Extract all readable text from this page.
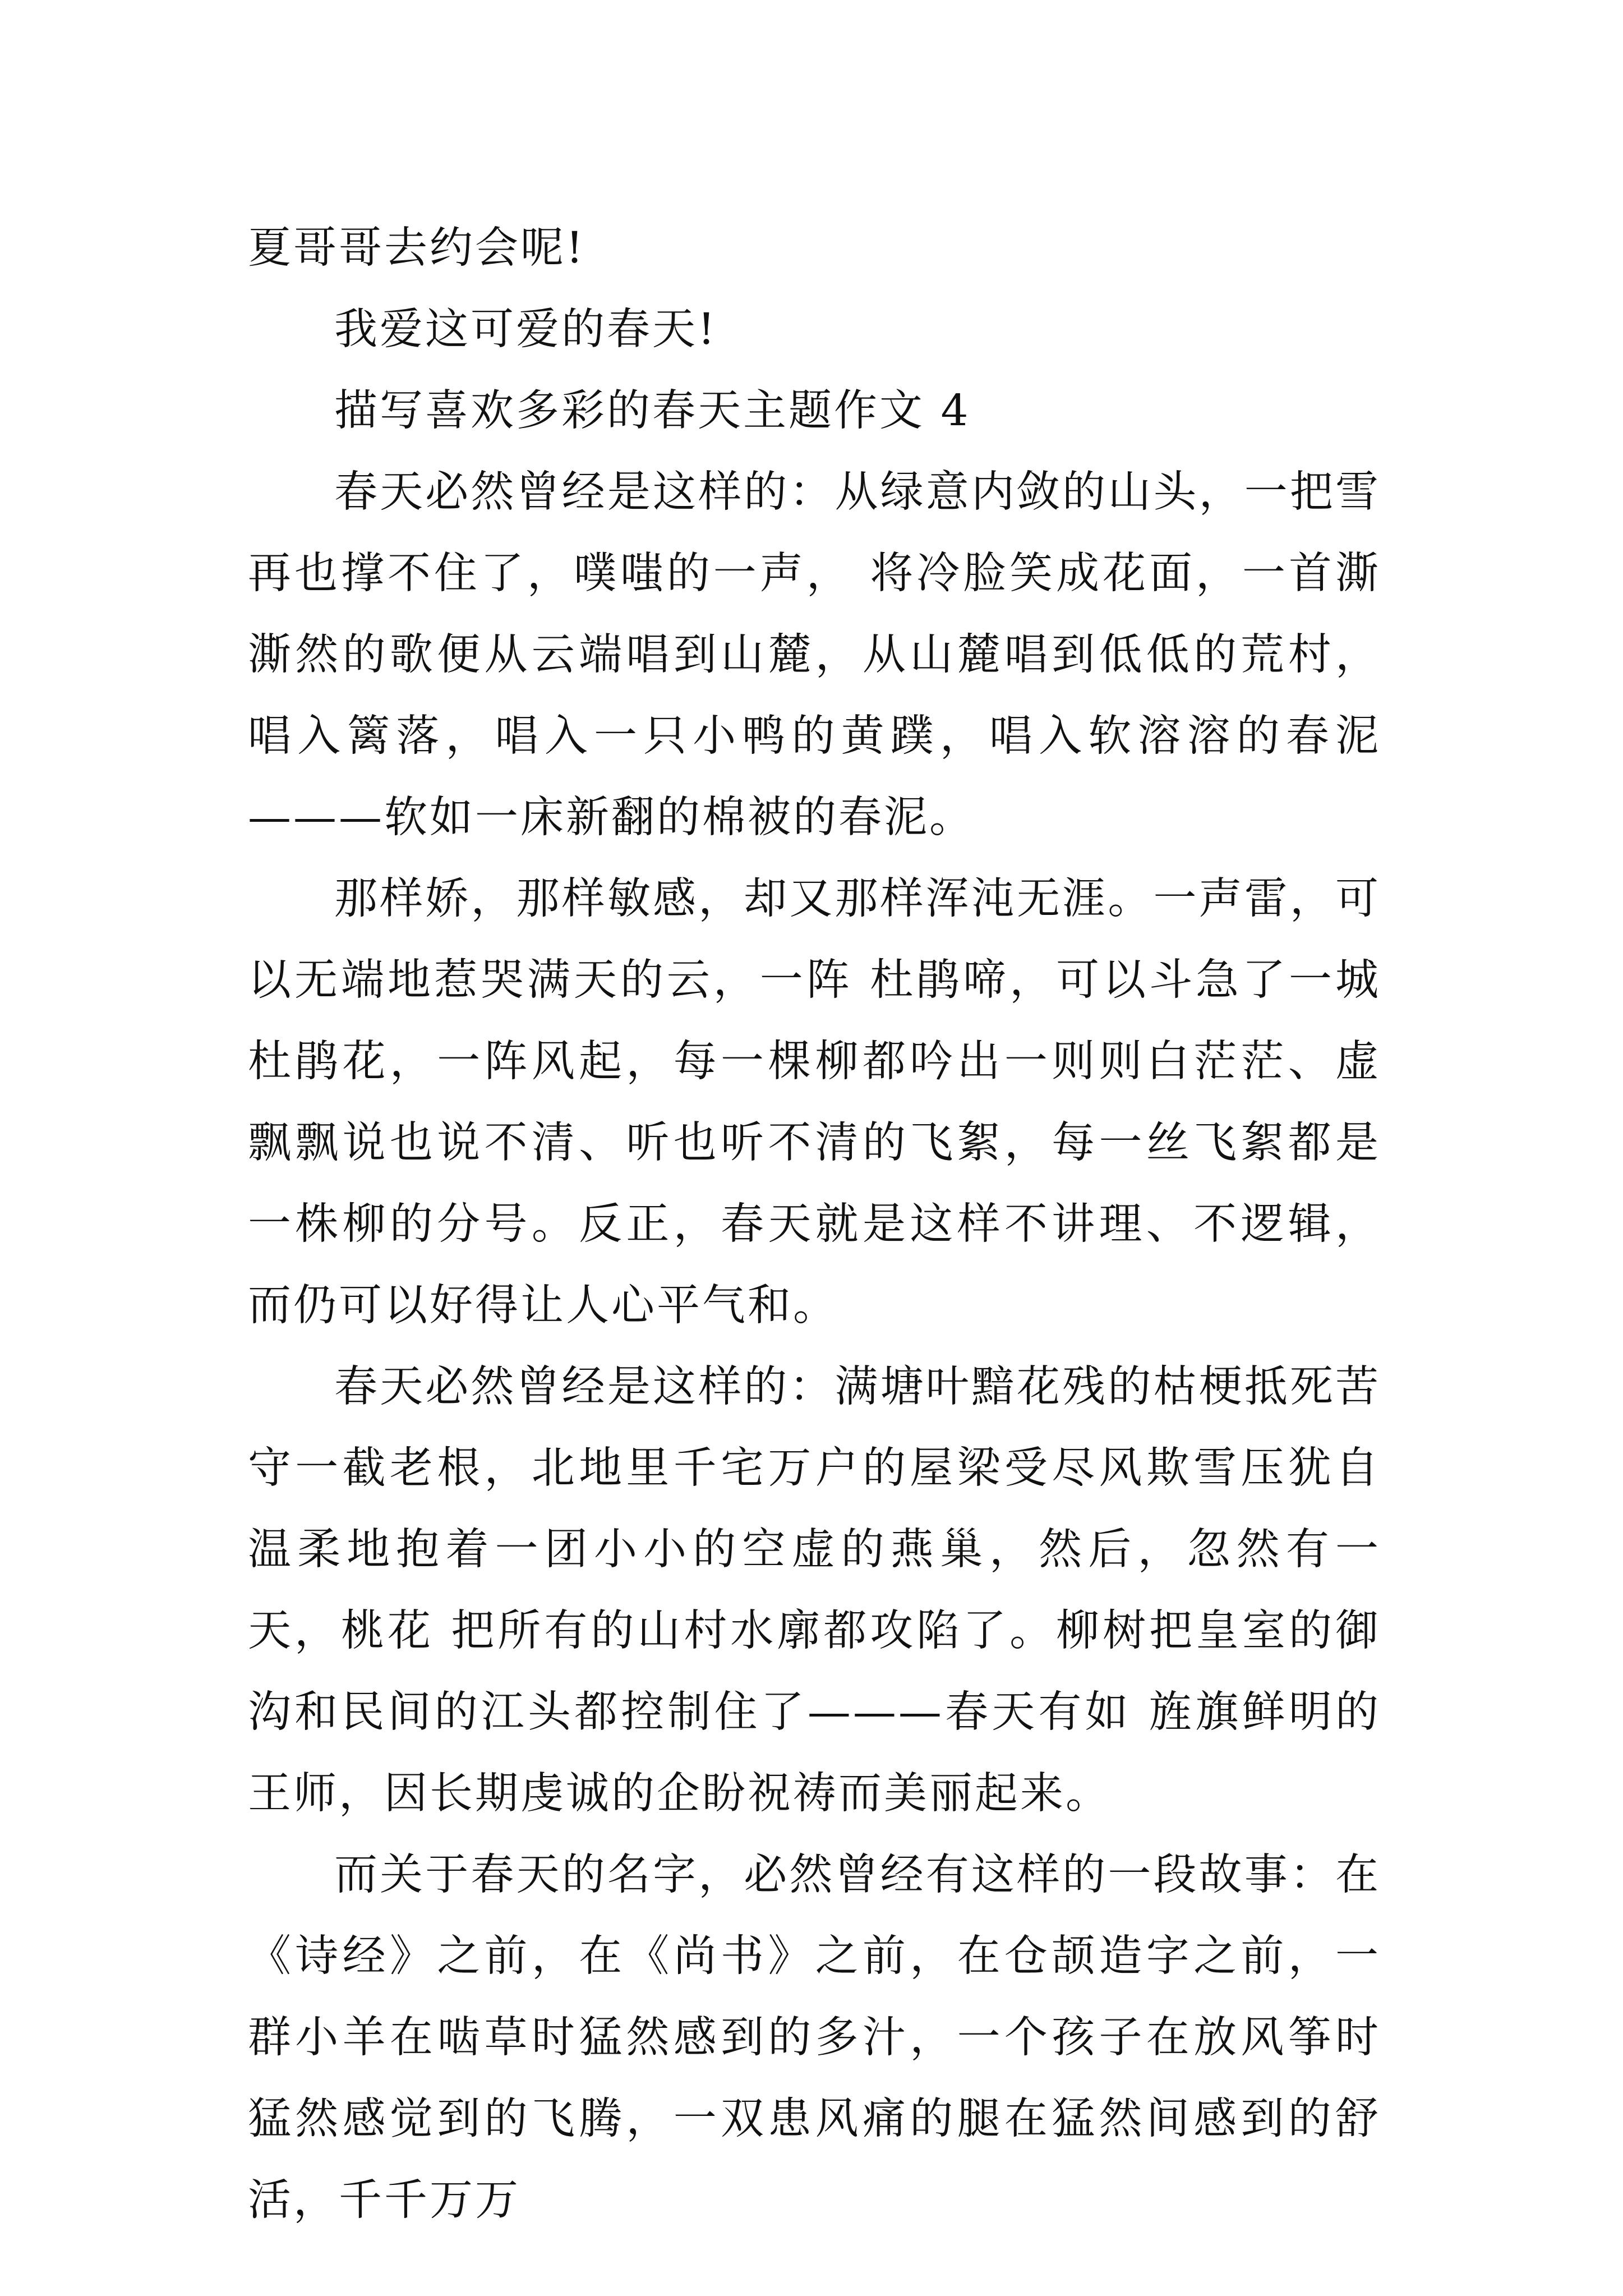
夏哥哥去约会呢!

我爱这可爱的春天!

描写喜欢多彩的春天主题作文 4

春天必然曾经是这样的：从绿意内敛的山头，一把雪再也撑不住了，噗嗤的一声， 将冷脸笑成花面，一首澌澌然的歌便从云端唱到山麓，从山麓唱到低低的荒村，唱入篱落，唱入一只小鸭的黄蹼，唱入软溶溶的春泥———软如一床新翻的棉被的春泥。

那样娇，那样敏感，却又那样浑沌无涯。一声雷，可以无端地惹哭满天的云，一阵 杜鹃啼，可以斗急了一城杜鹃花，一阵风起，每一棵柳都吟出一则则白茫茫、虚飘飘说也说不清、听也听不清的飞絮，每一丝飞絮都是一株柳的分号。反正，春天就是这样不讲理、不逻辑，而仍可以好得让人心平气和。

春天必然曾经是这样的：满塘叶黯花残的枯梗抵死苦守一截老根，北地里千宅万户的屋梁受尽风欺雪压犹自温柔地抱着一团小小的空虚的燕巢，然后，忽然有一天，桃花 把所有的山村水廓都攻陷了。柳树把皇室的御沟和民间的江头都控制住了———春天有如 旌旗鲜明的王师，因长期虔诚的企盼祝祷而美丽起来。

而关于春天的名字，必然曾经有这样的一段故事：在《诗经》之前，在《尚书》之前，在仓颉造字之前，一群小羊在啮草时猛然感到的多汁，一个孩子在放风筝时猛然感觉到的飞腾，一双患风痛的腿在猛然间感到的舒活，千千万万
